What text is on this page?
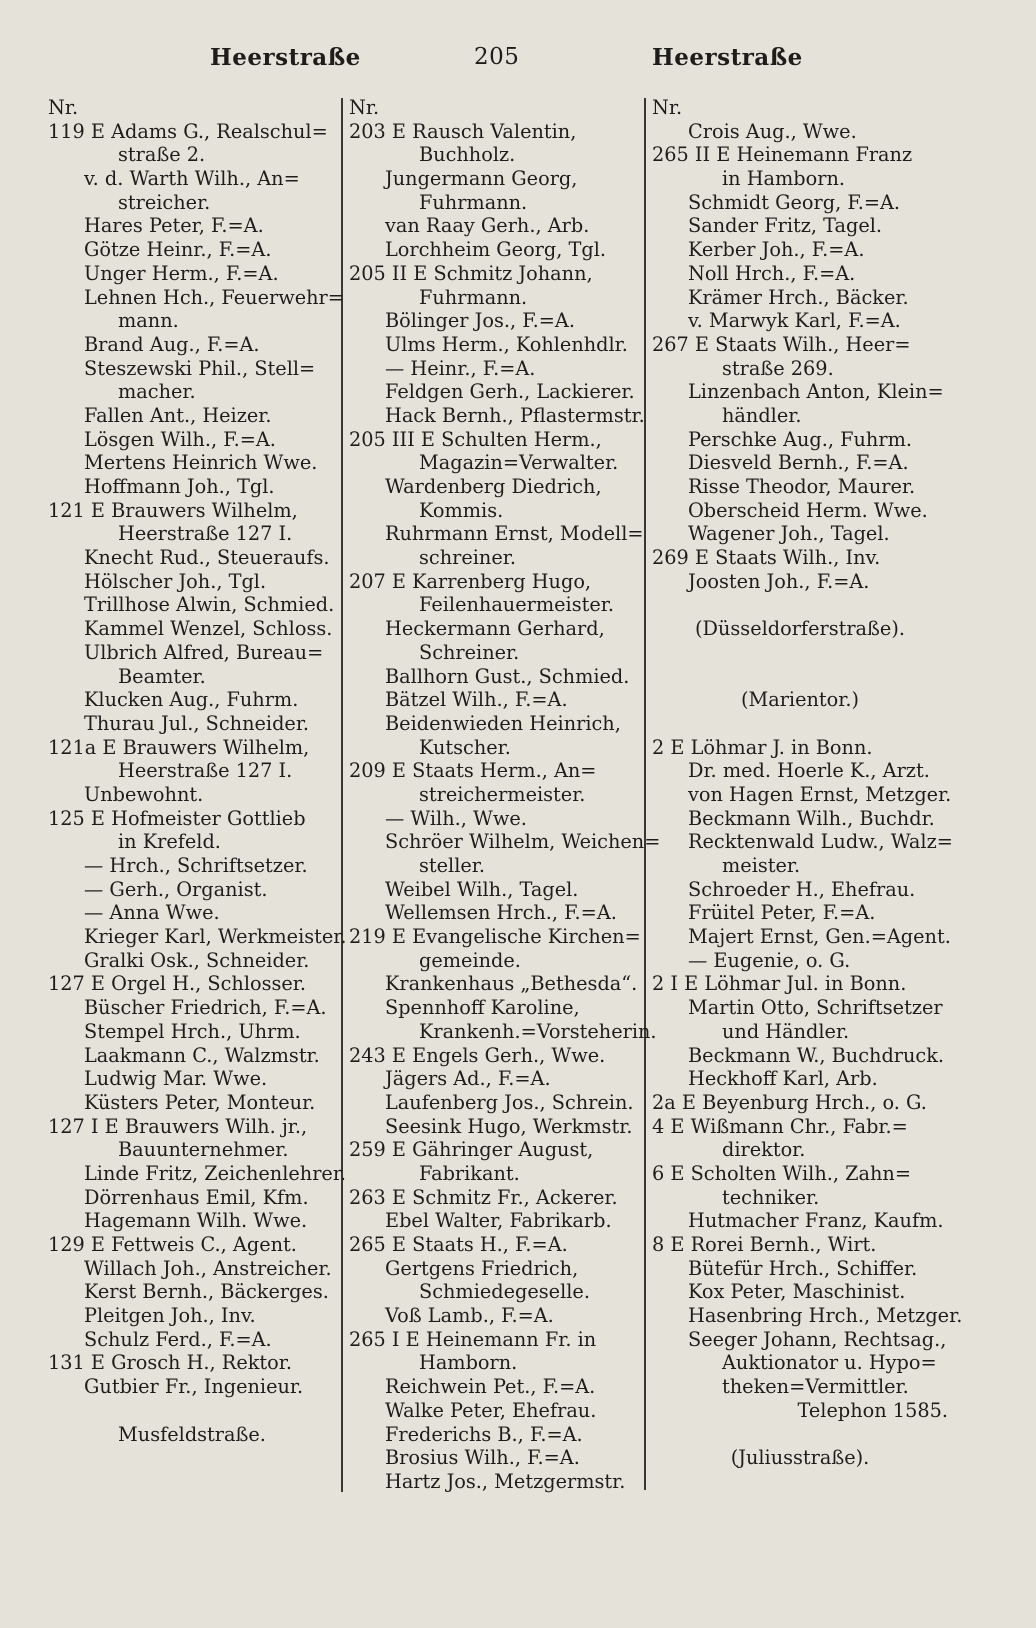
Heerstraße	205	Heerstraße
Nr.
119 E Adams G., Realschul=
straße 2.
v. d. Warth Wilh., An=
streicher.
Hares Peter, F.=A.
Götze Heinr., F.=A.
Unger Herm., F.=A.
Lehnen Hch., Feuerwehr=
mann.
Brand Aug., F.=A.
Steszewski Phil., Stell=
macher.
Fallen Ant., Heizer.
Lösgen Wilh., F.=A.
Mertens Heinrich Wwe.
Hoffmann Joh., Tgl.
121 E Brauwers Wilhelm,
Heerstraße 127 I.
Knecht Rud., Steueraufs.
Hölscher Joh., Tgl.
Trillhose Alwin, Schmied.
Kammel Wenzel, Schloss.
Ulbrich Alfred, Bureau=
Beamter.
Klucken Aug., Fuhrm.
Thurau Jul., Schneider.
121a E Brauwers Wilhelm,
Heerstraße 127 I.
Unbewohnt.
125 E Hofmeister Gottlieb
in Krefeld.
— Hrch., Schriftsetzer.
— Gerh., Organist.
— Anna Wwe.
Krieger Karl, Werkmeister.
Gralki Osk., Schneider.
127 E Orgel H., Schlosser.
Büscher Friedrich, F.=A.
Stempel Hrch., Uhrm.
Laakmann C., Walzmstr.
Ludwig Mar. Wwe.
Küsters Peter, Monteur.
127 I E Brauwers Wilh. jr.,
Bauunternehmer.
Linde Fritz, Zeichenlehrer.
Dörrenhaus Emil, Kfm.
Hagemann Wilh. Wwe.
129 E Fettweis C., Agent.
Willach Joh., Anstreicher.
Kerst Bernh., Bäckerges.
Pleitgen Joh., Inv.
Schulz Ferd., F.=A.
131 E Grosch H., Rektor.
Gutbier Fr., Ingenieur.
Musfeldstraße.
Nr.
203 E Rausch Valentin,
Buchholz.
Jungermann Georg,
Fuhrmann.
van Raay Gerh., Arb.
Lorchheim Georg, Tgl.
205 II E Schmitz Johann,
Fuhrmann.
Bölinger Jos., F.=A.
Ulms Herm., Kohlenhdlr.
— Heinr., F.=A.
Feldgen Gerh., Lackierer.
Hack Bernh., Pflastermstr.
205 III E Schulten Herm.,
Magazin=Verwalter.
Wardenberg Diedrich,
Kommis.
Ruhrmann Ernst, Modell=
schreiner.
207 E Karrenberg Hugo,
Feilenhauermeister.
Heckermann Gerhard,
Schreiner.
Ballhorn Gust., Schmied.
Bätzel Wilh., F.=A.
Beidenwieden Heinrich,
Kutscher.
209 E Staats Herm., An=
streichermeister.
— Wilh., Wwe.
Schröer Wilhelm, Weichen=
steller.
Weibel Wilh., Tagel.
Wellemsen Hrch., F.=A.
219 E Evangelische Kirchen=
gemeinde.
Krankenhaus „Bethesda“.
Spennhoff Karoline,
Krankenh.=Vorsteherin.
243 E Engels Gerh., Wwe.
Jägers Ad., F.=A.
Laufenberg Jos., Schrein.
Seesink Hugo, Werkmstr.
259 E Gähringer August,
Fabrikant.
263 E Schmitz Fr., Ackerer.
Ebel Walter, Fabrikarb.
265 E Staats H., F.=A.
Gertgens Friedrich,
Schmiedegeselle.
Voß Lamb., F.=A.
265 I E Heinemann Fr. in
Hamborn.
Reichwein Pet., F.=A.
Walke Peter, Ehefrau.
Frederichs B., F.=A.
Brosius Wilh., F.=A.
Hartz Jos., Metzgermstr.
Nr.
Crois Aug., Wwe.
265 II E Heinemann Franz
in Hamborn.
Schmidt Georg, F.=A.
Sander Fritz, Tagel.
Kerber Joh., F.=A.
Noll Hrch., F.=A.
Krämer Hrch., Bäcker.
v. Marwyk Karl, F.=A.
267 E Staats Wilh., Heer=
straße 269.
Linzenbach Anton, Klein=
händler.
Perschke Aug., Fuhrm.
Diesveld Bernh., F.=A.
Risse Theodor, Maurer.
Oberscheid Herm. Wwe.
Wagener Joh., Tagel.
269 E Staats Wilh., Inv.
Joosten Joh., F.=A.
(Düsseldorferstraße).
(Marientor.)
2 E Löhmar J. in Bonn.
Dr. med. Hoerle K., Arzt.
von Hagen Ernst, Metzger.
Beckmann Wilh., Buchdr.
Recktenwald Ludw., Walz=
meister.
Schroeder H., Ehefrau.
Früitel Peter, F.=A.
Majert Ernst, Gen.=Agent.
— Eugenie, o. G.
2 I E Löhmar Jul. in Bonn.
Martin Otto, Schriftsetzer
und Händler.
Beckmann W., Buchdruck.
Heckhoff Karl, Arb.
2a E Beyenburg Hrch., o. G.
4 E Wißmann Chr., Fabr.=
direktor.
6 E Scholten Wilh., Zahn=
techniker.
Hutmacher Franz, Kaufm.
8 E Rorei Bernh., Wirt.
Bütefür Hrch., Schiffer.
Kox Peter, Maschinist.
Hasenbring Hrch., Metzger.
Seeger Johann, Rechtsag.,
Auktionator u. Hypo=
theken=Vermittler.
Telephon 1585.
(Juliusstraße).
